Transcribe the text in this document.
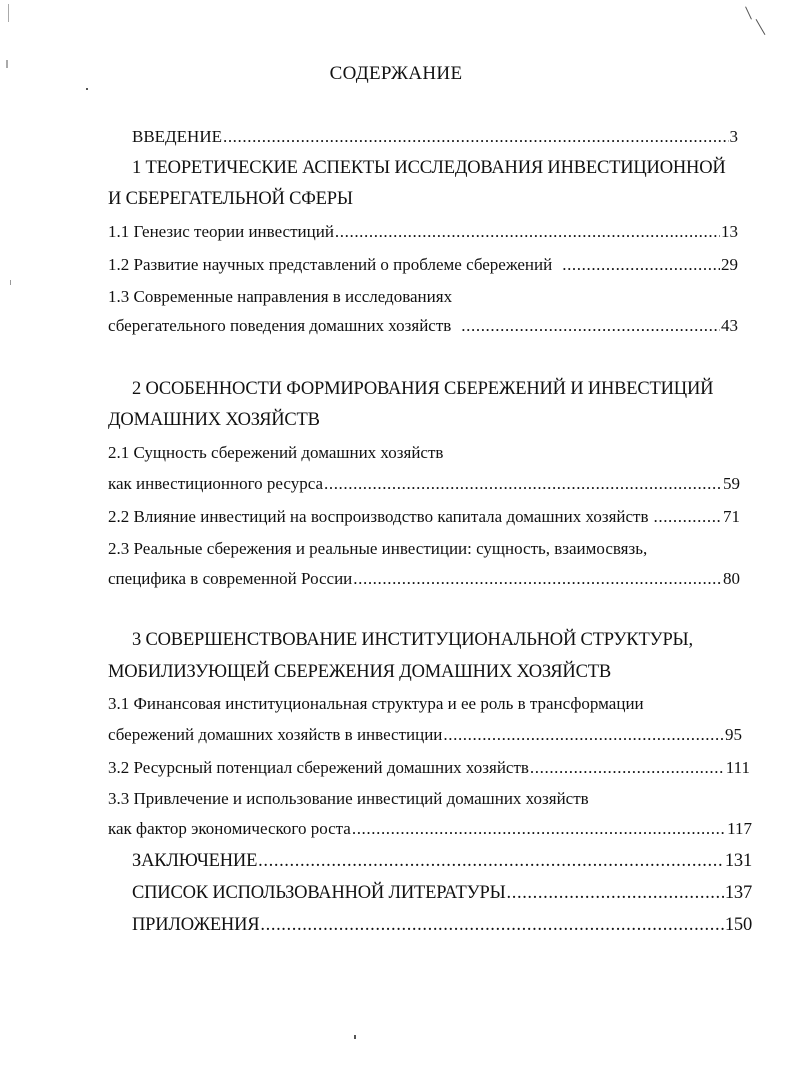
СОДЕРЖАНИЕ
ВВЕДЕНИЕ .....	3
1 ТЕОРЕТИЧЕСКИЕ АСПЕКТЫ ИССЛЕДОВАНИЯ ИНВЕСТИЦИОННОЙ
И СБЕРЕГАТЕЛЬНОЙ СФЕРЫ
1.1 Генезис теории инвестиций .....	13
1.2 Развитие научных представлений о проблеме сбережений .....	29
1.3 Современные направления в исследованиях
сберегательного поведения домашних хозяйств .....	43
2 ОСОБЕННОСТИ ФОРМИРОВАНИЯ СБЕРЕЖЕНИЙ И ИНВЕСТИЦИЙ
ДОМАШНИХ ХОЗЯЙСТВ
2.1 Сущность сбережений домашних хозяйств
как инвестиционного ресурса .....	59
2.2 Влияние инвестиций на воспроизводство капитала домашних хозяйств .....	71
2.3 Реальные сбережения и реальные инвестиции: сущность, взаимосвязь,
специфика в современной России .....	80
3 СОВЕРШЕНСТВОВАНИЕ ИНСТИТУЦИОНАЛЬНОЙ СТРУКТУРЫ,
МОБИЛИЗУЮЩЕЙ СБЕРЕЖЕНИЯ ДОМАШНИХ ХОЗЯЙСТВ
3.1 Финансовая институциональная структура и ее роль в трансформации
сбережений домашних хозяйств в инвестиции .....	95
3.2 Ресурсный потенциал сбережений домашних хозяйств .....	111
3.3 Привлечение и использование инвестиций домашних хозяйств
как фактор экономического роста .....	117
ЗАКЛЮЧЕНИЕ .....	131
СПИСОК ИСПОЛЬЗОВАННОЙ ЛИТЕРАТУРЫ .....	137
ПРИЛОЖЕНИЯ .....	150
